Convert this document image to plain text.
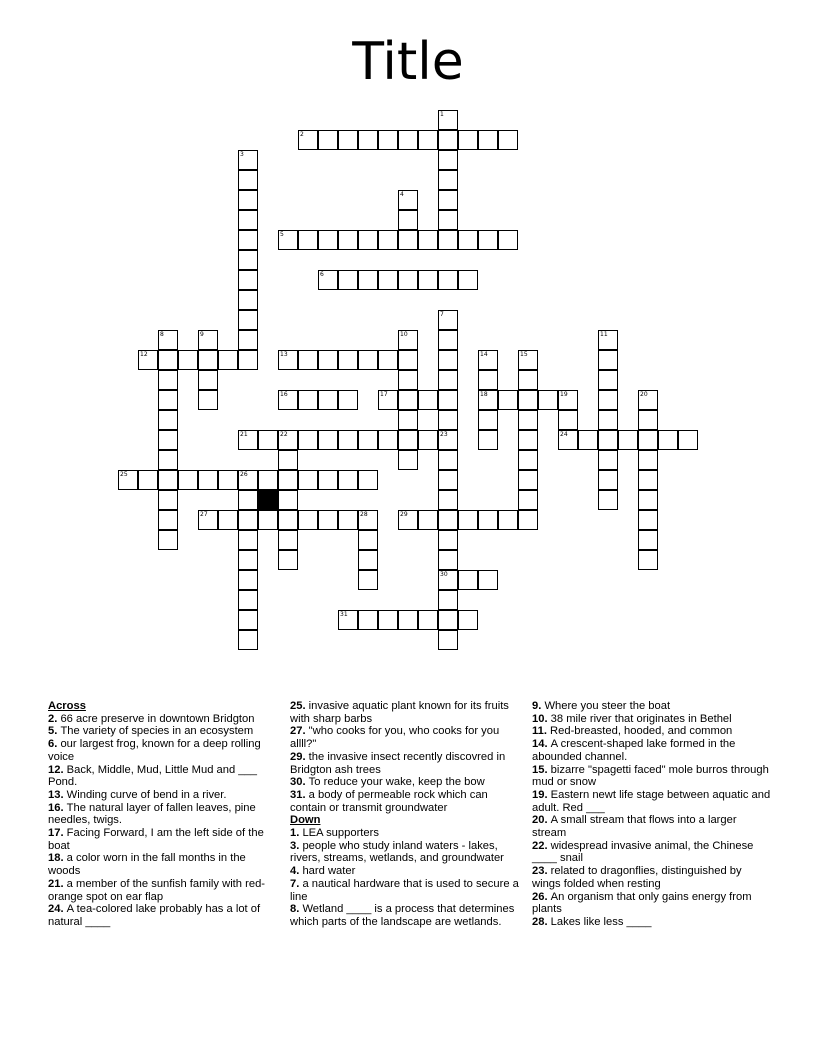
Title
2
5
6
12	13
16	17	18	19
21	22	24
25	26
27	28	29
30
31
1
3
4
7
23
8	9	10	11
14	15
20
Across
2. 66 acre preserve in downtown Bridgton
5. The variety of species in an ecosystem
6. our largest frog, known for a deep rolling voice
12. Back, Middle, Mud, Little Mud and ___ Pond.
13. Winding curve of bend in a river.
16. The natural layer of fallen leaves, pine needles, twigs.
17. Facing Forward, I am the left side of the boat
18. a color worn in the fall months in the woods
21. a member of the sunfish family with red-orange spot on ear flap
24. A tea-colored lake probably has a lot of natural ____
25. invasive aquatic plant known for its fruits with sharp barbs
27. "who cooks for you, who cooks for you allll?"
29. the invasive insect recently discovred in Bridgton ash trees
30. To reduce your wake, keep the bow
31. a body of permeable rock which can contain or transmit groundwater
Down
1. LEA supporters
3. people who study inland waters - lakes, rivers, streams, wetlands, and groundwater
4. hard water
7. a nautical hardware that is used to secure a line
8. Wetland ____ is a process that determines which parts of the landscape are wetlands.
9. Where you steer the boat
10. 38 mile river that originates in Bethel
11. Red-breasted, hooded, and common
14. A crescent-shaped lake formed in the abounded channel.
15. bizarre "spagetti faced" mole burros through mud or snow
19. Eastern newt life stage between aquatic and adult. Red ___
20. A small stream that flows into a larger stream
22. widespread invasive animal, the Chinese ____ snail
23. related to dragonflies, distinguished by wings folded when resting
26. An organism that only gains energy from plants
28. Lakes like less ____
